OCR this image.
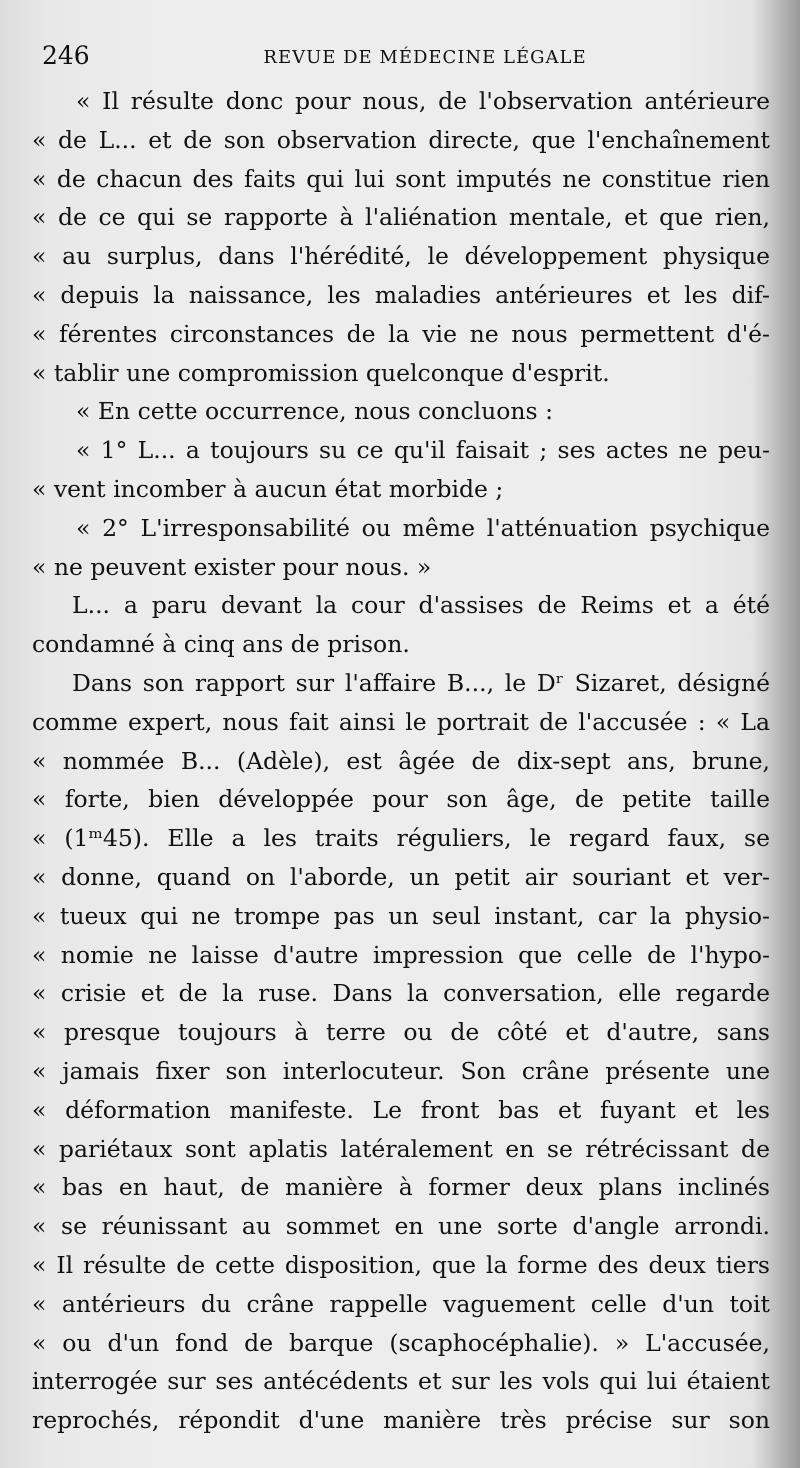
246	REVUE DE MÉDECINE LÉGALE
« Il résulte donc pour nous, de l'observation antérieure
« de L... et de son observation directe, que l'enchaînement
« de chacun des faits qui lui sont imputés ne constitue rien
« de ce qui se rapporte à l'aliénation mentale, et que rien,
« au surplus, dans l'hérédité, le développement physique
« depuis la naissance, les maladies antérieures et les dif-
« férentes circonstances de la vie ne nous permettent d'é-
« tablir une compromission quelconque d'esprit.
« En cette occurrence, nous concluons :
« 1° L... a toujours su ce qu'il faisait ; ses actes ne peu-
« vent incomber à aucun état morbide ;
« 2° L'irresponsabilité ou même l'atténuation psychique
« ne peuvent exister pour nous. »
L... a paru devant la cour d'assises de Reims et a été
condamné à cinq ans de prison.
Dans son rapport sur l'affaire B..., le Dʳ Sizaret, désigné
comme expert, nous fait ainsi le portrait de l'accusée : « La
« nommée B... (Adèle), est âgée de dix-sept ans, brune,
« forte, bien développée pour son âge, de petite taille
« (1ᵐ45). Elle a les traits réguliers, le regard faux, se
« donne, quand on l'aborde, un petit air souriant et ver-
« tueux qui ne trompe pas un seul instant, car la physio-
« nomie ne laisse d'autre impression que celle de l'hypo-
« crisie et de la ruse. Dans la conversation, elle regarde
« presque toujours à terre ou de côté et d'autre, sans
« jamais fixer son interlocuteur. Son crâne présente une
« déformation manifeste. Le front bas et fuyant et les
« pariétaux sont aplatis latéralement en se rétrécissant de
« bas en haut, de manière à former deux plans inclinés
« se réunissant au sommet en une sorte d'angle arrondi.
« Il résulte de cette disposition, que la forme des deux tiers
« antérieurs du crâne rappelle vaguement celle d'un toit
« ou d'un fond de barque (scaphocéphalie). » L'accusée,
interrogée sur ses antécédents et sur les vols qui lui étaient
reprochés, répondit d'une manière très précise sur son
